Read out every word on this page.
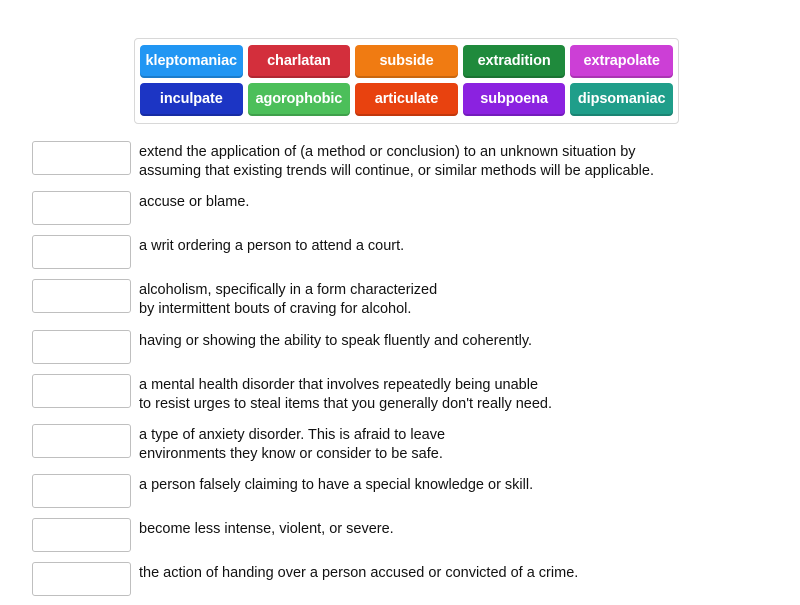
kleptomaniac	charlatan	subside	extradition	extrapolate
inculpate	agorophobic	articulate	subpoena	dipsomaniac
extend the application of (a method or conclusion) to an unknown situation by
assuming that existing trends will continue, or similar methods will be applicable.
accuse or blame.
a writ ordering a person to attend a court.
alcoholism, specifically in a form characterized
by intermittent bouts of craving for alcohol.
having or showing the ability to speak fluently and coherently.
a mental health disorder that involves repeatedly being unable
to resist urges to steal items that you generally don't really need.
a type of anxiety disorder. This is afraid to leave
environments they know or consider to be safe.
a person falsely claiming to have a special knowledge or skill.
become less intense, violent, or severe.
the action of handing over a person accused or convicted of a crime.
